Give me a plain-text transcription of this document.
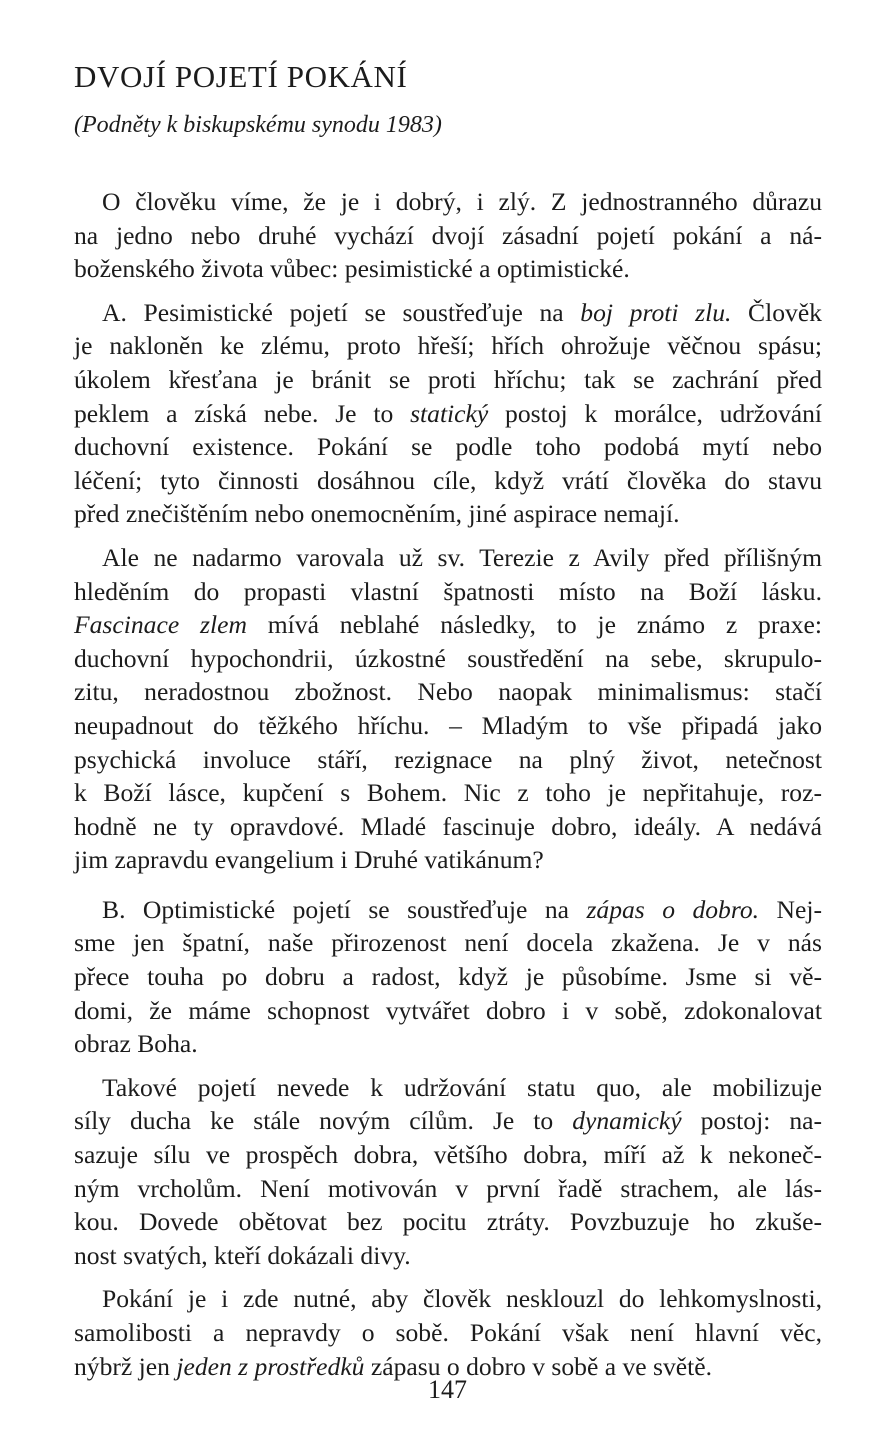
DVOJÍ POJETÍ POKÁNÍ

(Podněty k biskupskému synodu 1983)

O člověku víme, že je i dobrý, i zlý. Z jednostranného důrazu
na jedno nebo druhé vychází dvojí zásadní pojetí pokání a ná-
boženského života vůbec: pesimistické a optimistické.
A. Pesimistické pojetí se soustřeďuje na boj proti zlu. Člověk
je nakloněn ke zlému, proto hřeší; hřích ohrožuje věčnou spásu;
úkolem křesťana je bránit se proti hříchu; tak se zachrání před
peklem a získá nebe. Je to statický postoj k morálce, udržování
duchovní existence. Pokání se podle toho podobá mytí nebo
léčení; tyto činnosti dosáhnou cíle, když vrátí člověka do stavu
před znečištěním nebo onemocněním, jiné aspirace nemají.
Ale ne nadarmo varovala už sv. Terezie z Avily před přílišným
hleděním do propasti vlastní špatnosti místo na Boží lásku.
Fascinace zlem mívá neblahé následky, to je známo z praxe:
duchovní hypochondrii, úzkostné soustředění na sebe, skrupulo-
zitu, neradostnou zbožnost. Nebo naopak minimalismus: stačí
neupadnout do těžkého hříchu. – Mladým to vše připadá jako
psychická involuce stáří, rezignace na plný život, netečnost
k Boží lásce, kupčení s Bohem. Nic z toho je nepřitahuje, roz-
hodně ne ty opravdové. Mladé fascinuje dobro, ideály. A nedává
jim zapravdu evangelium i Druhé vatikánum?
B. Optimistické pojetí se soustřeďuje na zápas o dobro. Nej-
sme jen špatní, naše přirozenost není docela zkažena. Je v nás
přece touha po dobru a radost, když je působíme. Jsme si vě-
domi, že máme schopnost vytvářet dobro i v sobě, zdokonalovat
obraz Boha.
Takové pojetí nevede k udržování statu quo, ale mobilizuje
síly ducha ke stále novým cílům. Je to dynamický postoj: na-
sazuje sílu ve prospěch dobra, většího dobra, míří až k nekoneč-
ným vrcholům. Není motivován v první řadě strachem, ale lás-
kou. Dovede obětovat bez pocitu ztráty. Povzbuzuje ho zkuše-
nost svatých, kteří dokázali divy.
Pokání je i zde nutné, aby člověk nesklouzl do lehkomyslnosti,
samolibosti a nepravdy o sobě. Pokání však není hlavní věc,
nýbrž jen jeden z prostředků zápasu o dobro v sobě a ve světě.
147
